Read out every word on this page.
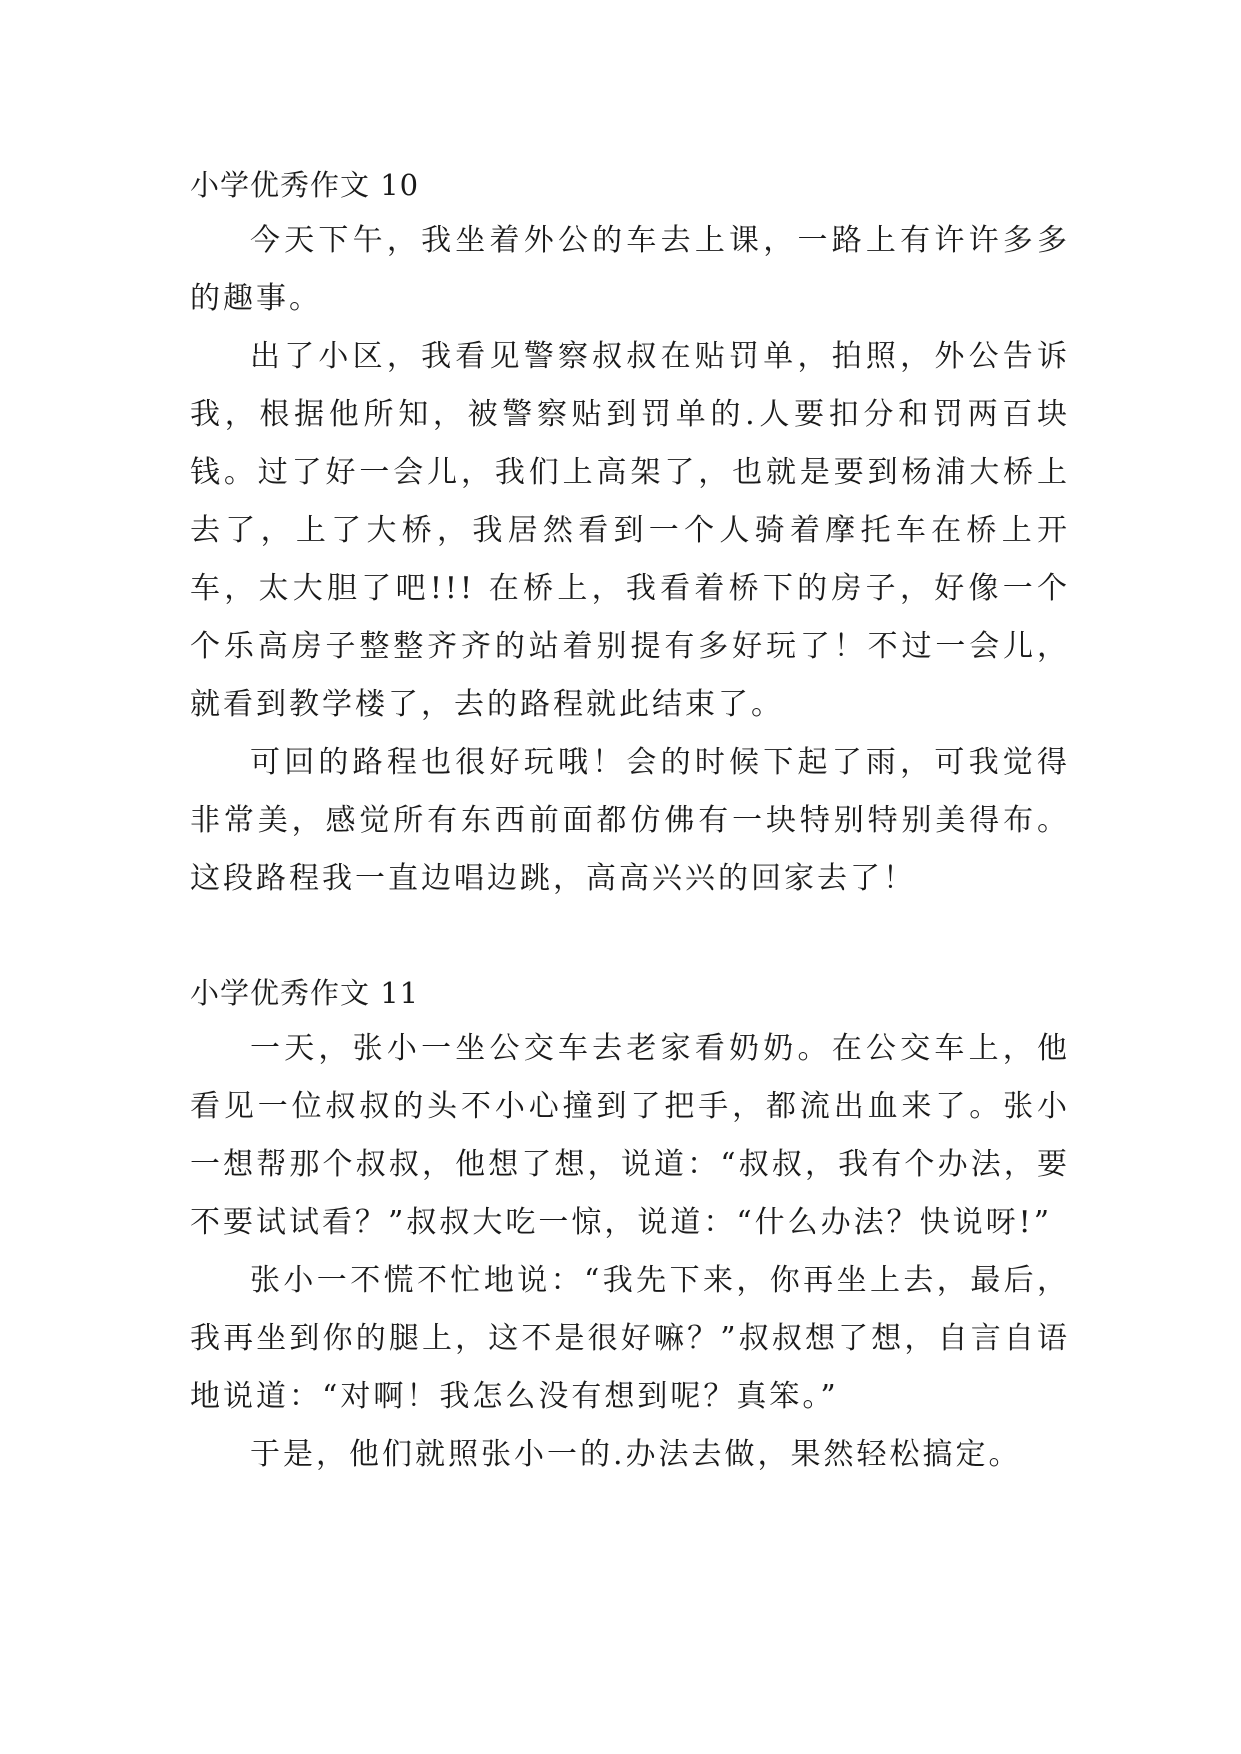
小学优秀作文 10

今天下午，我坐着外公的车去上课，一路上有许许多多的趣事。

出了小区，我看见警察叔叔在贴罚单，拍照，外公告诉我，根据他所知，被警察贴到罚单的.人要扣分和罚两百块钱。过了好一会儿，我们上高架了，也就是要到杨浦大桥上去了，上了大桥，我居然看到一个人骑着摩托车在桥上开车，太大胆了吧!!! 在桥上，我看着桥下的房子，好像一个个乐高房子整整齐齐的站着别提有多好玩了！不过一会儿，就看到教学楼了，去的路程就此结束了。

可回的路程也很好玩哦！会的时候下起了雨，可我觉得非常美，感觉所有东西前面都仿佛有一块特别特别美得布。这段路程我一直边唱边跳，高高兴兴的回家去了！

小学优秀作文 11

一天，张小一坐公交车去老家看奶奶。在公交车上，他看见一位叔叔的头不小心撞到了把手，都流出血来了。张小一想帮那个叔叔，他想了想，说道：“叔叔，我有个办法，要不要试试看？”叔叔大吃一惊，说道：“什么办法？快说呀!”

张小一不慌不忙地说：“我先下来，你再坐上去，最后，我再坐到你的腿上，这不是很好嘛？”叔叔想了想，自言自语地说道：“对啊！我怎么没有想到呢？真笨。”

于是，他们就照张小一的.办法去做，果然轻松搞定。
